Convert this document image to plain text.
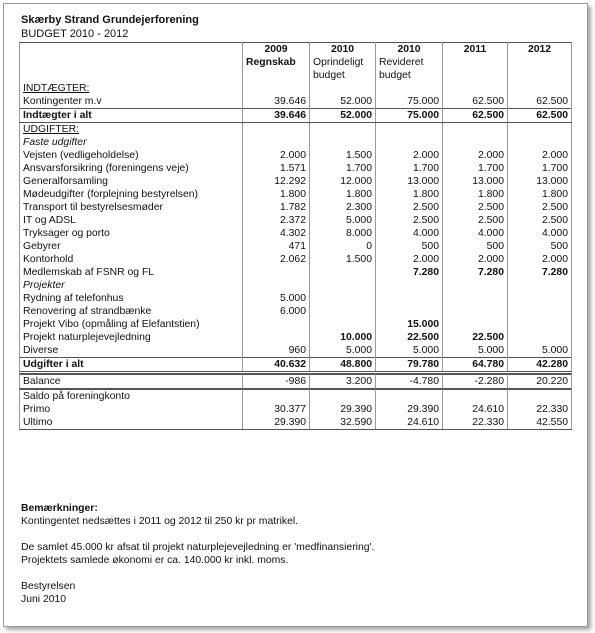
Skærby Strand Grundejerforening
BUDGET 2010 - 2012
	2009	2010	2010	2011	2012
	Regnskab	Oprindeligt	Revideret		
		budget	budget		

INDTÆGTER:					
Kontingenter m.v	39.646	52.000	75.000	62.500	62.500
Indtægter i alt	39.646	52.000	75.000	62.500	62.500

UDGIFTER:					
Faste udgifter					
Vejsten (vedligeholdelse)	2.000	1.500	2.000	2.000	2.000
Ansvarsforsikring (foreningens veje)	1.571	1.700	1.700	1.700	1.700
Generalforsamling	12.292	12.000	13.000	13.000	13.000
Mødeudgifter (forplejning bestyrelsen)	1.800	1.800	1.800	1.800	1.800
Transport til bestyrelsesmøder	1.782	2.300	2.500	2.500	2.500
IT og ADSL	2.372	5.000	2.500	2.500	2.500
Tryksager og porto	4.302	8.000	4.000	4.000	4.000
Gebyrer	471	0	500	500	500
Kontorhold	2.062	1.500	2.000	2.000	2.000
Medlemskab af FSNR og FL			7.280	7.280	7.280
Projekter					
Rydning af telefonhus	5.000				
Renovering af strandbænke	6.000				
Projekt Vibo (opmåling af Elefantstien)			15.000		
Projekt naturplejevejledning		10.000	22.500	22.500	
Diverse	960	5.000	5.000	5.000	5.000
Udgifter i alt	40.632	48.800	79.780	64.780	42.280

Balance	-986	3.200	-4.780	-2.280	20.220

Saldo på foreningkonto					
Primo	30.377	29.390	29.390	24.610	22.330
Ultimo	29.390	32.590	24.610	22.330	42.550
Bemærkninger:
Kontingentet nedsættes i 2011 og 2012 til 250 kr pr matrikel.
De samlet 45.000 kr afsat til projekt naturplejevejledning er 'medfinansiering'.
Projektets samlede økonomi er ca. 140.000 kr inkl. moms.
Bestyrelsen
Juni 2010
